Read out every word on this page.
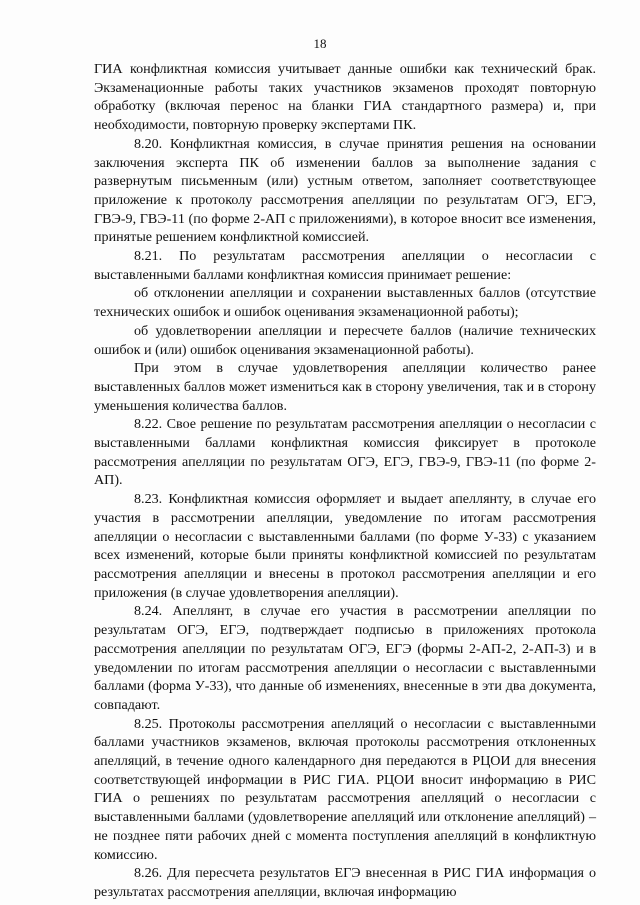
18

ГИА конфликтная комиссия учитывает данные ошибки как технический брак. Экзаменационные работы таких участников экзаменов проходят повторную обработку (включая перенос на бланки ГИА стандартного размера) и, при необходимости, повторную проверку экспертами ПК.

8.20. Конфликтная комиссия, в случае принятия решения на основании заключения эксперта ПК об изменении баллов за выполнение задания с развернутым письменным (или) устным ответом, заполняет соответствующее приложение к протоколу рассмотрения апелляции по результатам ОГЭ, ЕГЭ, ГВЭ-9, ГВЭ-11 (по форме 2-АП с приложениями), в которое вносит все изменения, принятые решением конфликтной комиссией.

8.21. По результатам рассмотрения апелляции о несогласии с выставленными баллами конфликтная комиссия принимает решение:

об отклонении апелляции и сохранении выставленных баллов (отсутствие технических ошибок и ошибок оценивания экзаменационной работы);

об удовлетворении апелляции и пересчете баллов (наличие технических ошибок и (или) ошибок оценивания экзаменационной работы).

При этом в случае удовлетворения апелляции количество ранее выставленных баллов может измениться как в сторону увеличения, так и в сторону уменьшения количества баллов.

8.22. Свое решение по результатам рассмотрения апелляции о несогласии с выставленными баллами конфликтная комиссия фиксирует в протоколе рассмотрения апелляции по результатам ОГЭ, ЕГЭ, ГВЭ-9, ГВЭ-11 (по форме 2-АП).

8.23. Конфликтная комиссия оформляет и выдает апеллянту, в случае его участия в рассмотрении апелляции, уведомление по итогам рассмотрения апелляции о несогласии с выставленными баллами (по форме У-33) с указанием всех изменений, которые были приняты конфликтной комиссией по результатам рассмотрения апелляции и внесены в протокол рассмотрения апелляции и его приложения (в случае удовлетворения апелляции).

8.24. Апеллянт, в случае его участия в рассмотрении апелляции по результатам ОГЭ, ЕГЭ, подтверждает подписью в приложениях протокола рассмотрения апелляции по результатам ОГЭ, ЕГЭ (формы 2-АП-2, 2-АП-3) и в уведомлении по итогам рассмотрения апелляции о несогласии с выставленными баллами (форма У-33), что данные об изменениях, внесенные в эти два документа, совпадают.

8.25. Протоколы рассмотрения апелляций о несогласии с выставленными баллами участников экзаменов, включая протоколы рассмотрения отклоненных апелляций, в течение одного календарного дня передаются в РЦОИ для внесения соответствующей информации в РИС ГИА. РЦОИ вносит информацию в РИС ГИА о решениях по результатам рассмотрения апелляций о несогласии с выставленными баллами (удовлетворение апелляций или отклонение апелляций) – не позднее пяти рабочих дней с момента поступления апелляций в конфликтную комиссию.

8.26. Для пересчета результатов ЕГЭ внесенная в РИС ГИА информация о результатах рассмотрения апелляции, включая информацию
